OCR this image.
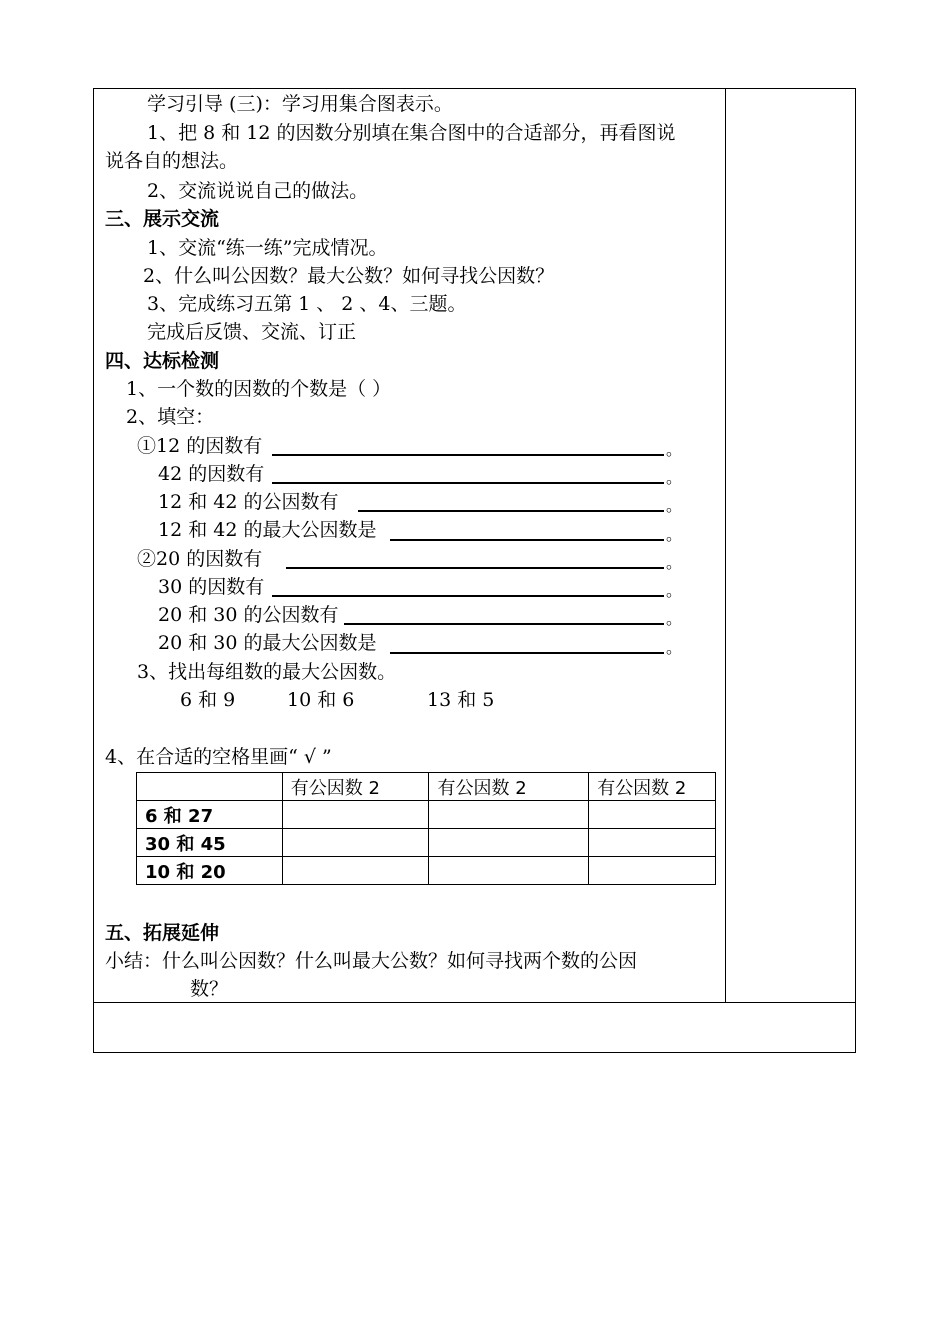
学习引导 (三)：学习用集合图表示。
1、把 8 和 12 的因数分别填在集合图中的合适部分，再看图说
说各自的想法。
2、交流说说自己的做法。
三、展示交流
1、交流“练一练”完成情况。
2、什么叫公因数？最大公数？如何寻找公因数？
3、完成练习五第 1 、 2 、4、三题。
完成后反馈、交流、订正
四、达标检测
1、一个数的因数的个数是（ ）
2、填空：
①12 的因数有	。
42 的因数有	。
12 和 42 的公因数有	。
12 和 42 的最大公因数是	。
②20 的因数有	。
30 的因数有	。
20 和 30 的公因数有	。
20 和 30 的最大公因数是	。
3、找出每组数的最大公因数。
6 和 9	10 和 6	13 和 5
4、在合适的空格里画“ √ ”
	有公因数 2	有公因数 2	有公因数 2
6 和 27			
30 和 45			
10 和 20			
五、拓展延伸
小结：什么叫公因数？什么叫最大公数？如何寻找两个数的公因
数？
